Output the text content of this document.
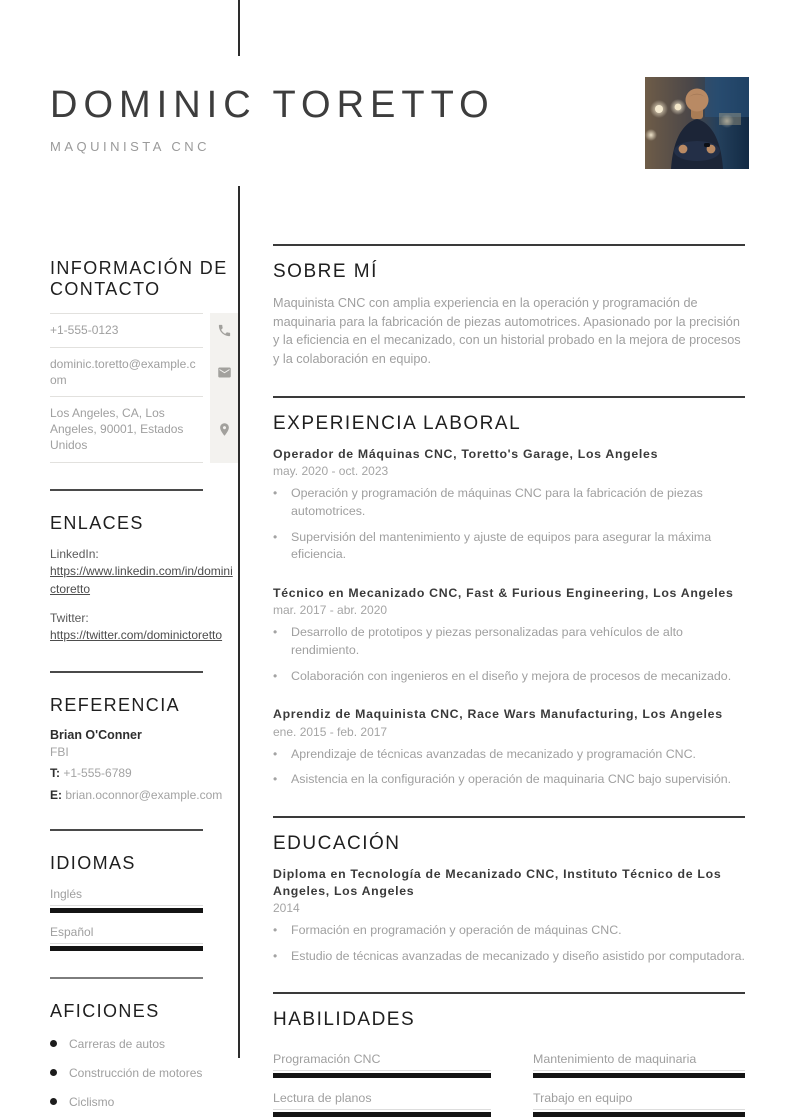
DOMINIC TORETTO
MAQUINISTA CNC
INFORMACIÓN DE CONTACTO
+1-555-0123
dominic.toretto@example.com
Los Angeles, CA, Los Angeles, 90001, Estados Unidos
ENLACES
LinkedIn:
https://www.linkedin.com/in/dominictoretto
Twitter:
https://twitter.com/dominictoretto
REFERENCIA
Brian O'Conner
FBI
T: +1-555-6789
E: brian.oconnor@example.com
IDIOMAS
Inglés
Español
AFICIONES
Carreras de autos
Construcción de motores
Ciclismo
SOBRE MÍ
Maquinista CNC con amplia experiencia en la operación y programación de maquinaria para la fabricación de piezas automotrices. Apasionado por la precisión y la eficiencia en el mecanizado, con un historial probado en la mejora de procesos y la colaboración en equipo.
EXPERIENCIA LABORAL
Operador de Máquinas CNC, Toretto's Garage, Los Angeles
may. 2020 - oct. 2023
•	Operación y programación de máquinas CNC para la fabricación de piezas automotrices.
•	Supervisión del mantenimiento y ajuste de equipos para asegurar la máxima eficiencia.
Técnico en Mecanizado CNC, Fast & Furious Engineering, Los Angeles
mar. 2017 - abr. 2020
•	Desarrollo de prototipos y piezas personalizadas para vehículos de alto rendimiento.
•	Colaboración con ingenieros en el diseño y mejora de procesos de mecanizado.
Aprendiz de Maquinista CNC, Race Wars Manufacturing, Los Angeles
ene. 2015 - feb. 2017
•	Aprendizaje de técnicas avanzadas de mecanizado y programación CNC.
•	Asistencia en la configuración y operación de maquinaria CNC bajo supervisión.
EDUCACIÓN
Diploma en Tecnología de Mecanizado CNC, Instituto Técnico de Los Angeles, Los Angeles
2014
•	Formación en programación y operación de máquinas CNC.
•	Estudio de técnicas avanzadas de mecanizado y diseño asistido por computadora.
HABILIDADES
Programación CNC	Mantenimiento de maquinaria
Lectura de planos	Trabajo en equipo
